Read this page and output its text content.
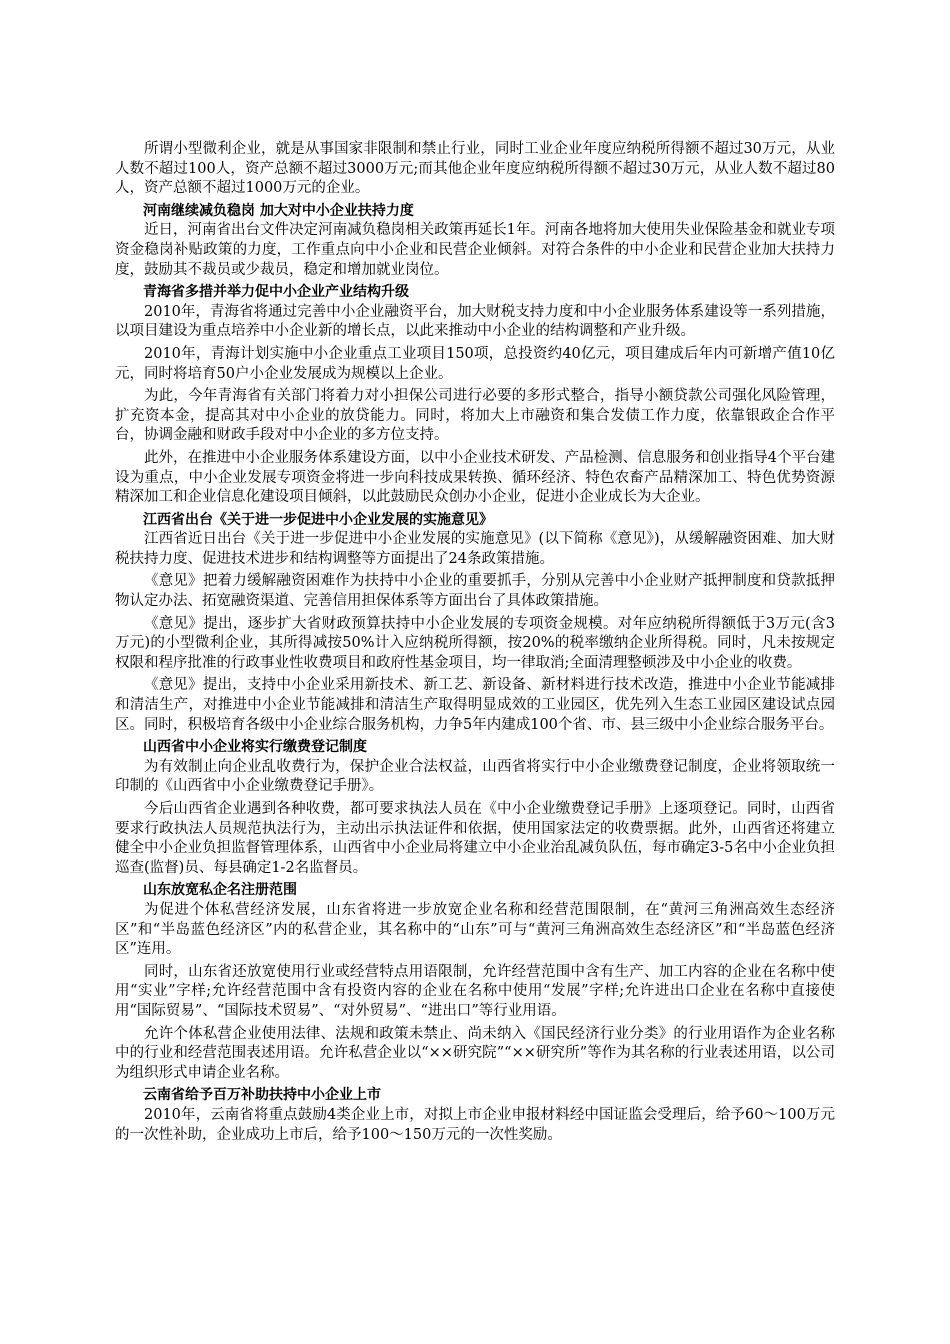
所谓小型微利企业，就是从事国家非限制和禁止行业，同时工业企业年度应纳税所得额不超过30万元，从业人数不超过100人，资产总额不超过3000万元;而其他企业年度应纳税所得额不超过30万元，从业人数不超过80人，资产总额不超过1000万元的企业。

河南继续减负稳岗 加大对中小企业扶持力度

近日，河南省出台文件决定河南减负稳岗相关政策再延长1年。河南各地将加大使用失业保险基金和就业专项资金稳岗补贴政策的力度，工作重点向中小企业和民营企业倾斜。对符合条件的中小企业和民营企业加大扶持力度，鼓励其不裁员或少裁员，稳定和增加就业岗位。

青海省多措并举力促中小企业产业结构升级

2010年，青海省将通过完善中小企业融资平台，加大财税支持力度和中小企业服务体系建设等一系列措施，以项目建设为重点培养中小企业新的增长点，以此来推动中小企业的结构调整和产业升级。

2010年，青海计划实施中小企业重点工业项目150项，总投资约40亿元，项目建成后年内可新增产值10亿元，同时将培育50户小企业发展成为规模以上企业。

为此，今年青海省有关部门将着力对小担保公司进行必要的多形式整合，指导小额贷款公司强化风险管理，扩充资本金，提高其对中小企业的放贷能力。同时，将加大上市融资和集合发债工作力度，依靠银政企合作平台，协调金融和财政手段对中小企业的多方位支持。

此外，在推进中小企业服务体系建设方面，以中小企业技术研发、产品检测、信息服务和创业指导4个平台建设为重点，中小企业发展专项资金将进一步向科技成果转换、循环经济、特色农畜产品精深加工、特色优势资源精深加工和企业信息化建设项目倾斜，以此鼓励民众创办小企业，促进小企业成长为大企业。

江西省出台《关于进一步促进中小企业发展的实施意见》

江西省近日出台《关于进一步促进中小企业发展的实施意见》(以下简称《意见》)，从缓解融资困难、加大财税扶持力度、促进技术进步和结构调整等方面提出了24条政策措施。

《意见》把着力缓解融资困难作为扶持中小企业的重要抓手，分别从完善中小企业财产抵押制度和贷款抵押物认定办法、拓宽融资渠道、完善信用担保体系等方面出台了具体政策措施。

《意见》提出，逐步扩大省财政预算扶持中小企业发展的专项资金规模。对年应纳税所得额低于3万元(含3万元)的小型微利企业，其所得减按50%计入应纳税所得额，按20%的税率缴纳企业所得税。同时，凡未按规定权限和程序批准的行政事业性收费项目和政府性基金项目，均一律取消;全面清理整顿涉及中小企业的收费。

《意见》提出，支持中小企业采用新技术、新工艺、新设备、新材料进行技术改造，推进中小企业节能减排和清洁生产，对推进中小企业节能减排和清洁生产取得明显成效的工业园区，优先列入生态工业园区建设试点园区。同时，积极培育各级中小企业综合服务机构，力争5年内建成100个省、市、县三级中小企业综合服务平台。

山西省中小企业将实行缴费登记制度

为有效制止向企业乱收费行为，保护企业合法权益，山西省将实行中小企业缴费登记制度，企业将领取统一印制的《山西省中小企业缴费登记手册》。

今后山西省企业遇到各种收费，都可要求执法人员在《中小企业缴费登记手册》上逐项登记。同时，山西省要求行政执法人员规范执法行为，主动出示执法证件和依据，使用国家法定的收费票据。此外，山西省还将建立健全中小企业负担监督管理体系，山西省中小企业局将建立中小企业治乱减负队伍，每市确定3-5名中小企业负担巡查(监督)员、每县确定1-2名监督员。

山东放宽私企名注册范围

为促进个体私营经济发展，山东省将进一步放宽企业名称和经营范围限制，在“黄河三角洲高效生态经济区”和“半岛蓝色经济区”内的私营企业，其名称中的“山东”可与“黄河三角洲高效生态经济区”和“半岛蓝色经济区”连用。

同时，山东省还放宽使用行业或经营特点用语限制，允许经营范围中含有生产、加工内容的企业在名称中使用“实业”字样;允许经营范围中含有投资内容的企业在名称中使用“发展”字样;允许进出口企业在名称中直接使用“国际贸易”、“国际技术贸易”、“对外贸易”、“进出口”等行业用语。

允许个体私营企业使用法律、法规和政策未禁止、尚未纳入《国民经济行业分类》的行业用语作为企业名称中的行业和经营范围表述用语。允许私营企业以“××研究院”“××研究所”等作为其名称的行业表述用语，以公司为组织形式申请企业名称。

云南省给予百万补助扶持中小企业上市

2010年，云南省将重点鼓励4类企业上市，对拟上市企业申报材料经中国证监会受理后，给予60～100万元的一次性补助，企业成功上市后，给予100～150万元的一次性奖励。
